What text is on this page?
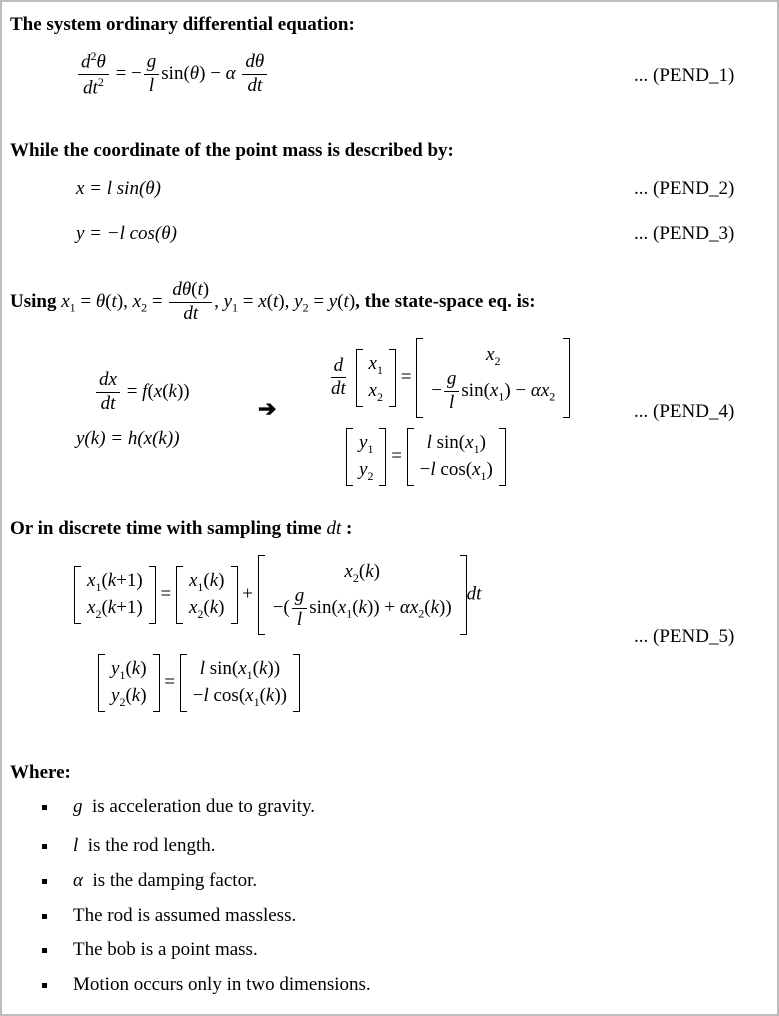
The system ordinary differential equation:
$\frac{d^2\theta}{dt^2}$ = − $\frac{g}{l} \sin(\theta) - \alpha \frac{d\theta}{dt}$	... (PEND_1)
While the coordinate of the point mass is described by:
x = l sin(θ)	... (PEND_2)
y = −l cos(θ)	... (PEND_3)
Using $x_1 = \theta(t)$, $x_2 = \frac{d\theta(t)}{dt}$ , $y_1 = x(t)$, $y_2 = y(t)$, the state-space eq. is:
$\frac{dx}{dt} = f(x(k))$
y(k) = h(x(k))
➔
$\frac{d}{dt}$
$x_1$
$x_2$
=
$x_2$
− $\frac{g}{l} \sin(x_1) - \alpha x_2$
$y_1$
$y_2$
=
l $\sin(x_1)$
−l $\cos(x_1)$
... (PEND_4)
Or in discrete time with sampling time dt :
$x_1(k+1)$
$x_2(k+1)$
=
$x_1(k)$
$x_2(k)$
+
$x_2(k)$
−( $\frac{g}{l} \sin(x_1(k)) + \alpha x_2(k)$)
dt
$y_1(k)$
$y_2(k)$
=
l $\sin(x_1(k))$
−l $\cos(x_1(k))$
... (PEND_5)
Where:
g is acceleration due to gravity.
l is the rod length.
α is the damping factor.
The rod is assumed massless.
The bob is a point mass.
Motion occurs only in two dimensions.
